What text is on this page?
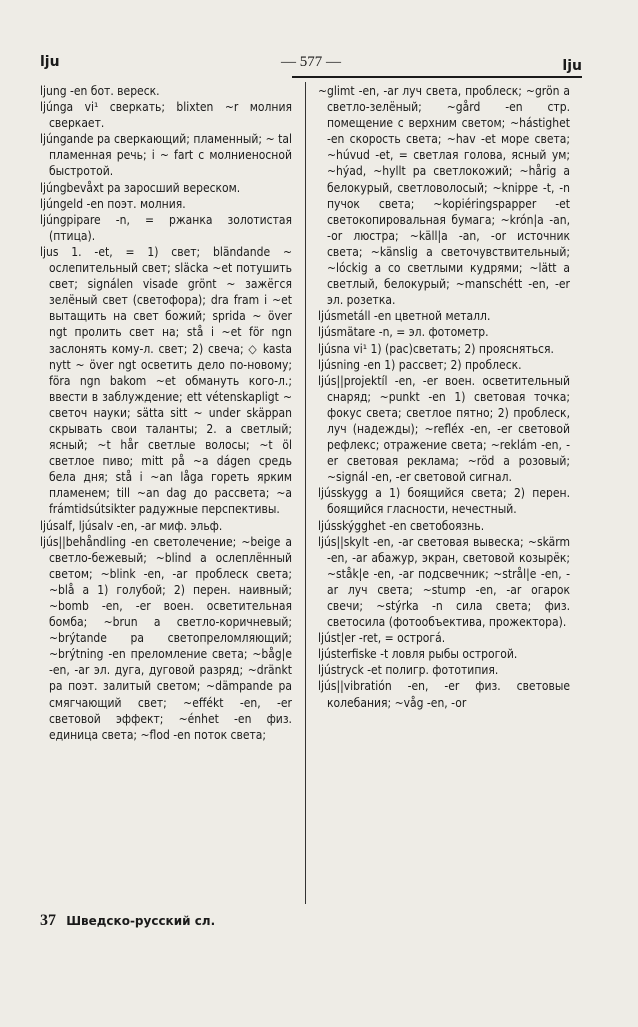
lju	— 577 —	lju

ljung -en бот. вереск.

ljúnga vi¹ сверкать; blixten ~r молния сверкает.

ljúngande pa сверкающий; пламенный; ~ tal пламенная речь; i ~ fart с молниеносной быстротой.

ljúngbevåxt pa заросший вереском.

ljúngeld -en поэт. молния.

ljúngpipare -n, = ржанка золотистая (птица).

ljus 1. -et, = 1) свет; bländande ~ ослепительный свет; släcka ~et потушить свет; signálen visade grönt ~ зажёгся зелёный свет (светофора); dra fram i ~et вытащить на свет божий; sprida ~ över ngt пролить свет на; stå i ~et för ngn заслонять кому-л. свет; 2) свеча; ◇ kasta nytt ~ över ngt осветить дело по-новому; föra ngn bakom ~et обмануть кого-л.; ввести в заблуждение; ett vétenskapligt ~ светоч науки; sätta sitt ~ under skäppan скрывать свои таланты; 2. a светлый; ясный; ~t hår светлые волосы; ~t öl светлое пиво; mitt på ~a dágen средь бела дня; stå i ~an låga гореть ярким пламенем; till ~an dag до рассвета; ~a frámtidsútsikter радужные перспективы.

ljúsalf, ljúsalv -en, -ar миф. эльф.

ljús||behåndling -en светолечение; ~beige a светло-бежевый; ~blind a ослеплённый светом; ~blink -en, -ar проблеск света; ~blå a 1) голубой; 2) перен. наивный; ~bomb -en, -er воен. осветительная бомба; ~brun a светло-коричневый; ~brýtande pa светопреломляющий; ~brýtning -en преломление света; ~båg|e -en, -ar эл. дуга, дуговой разряд; ~dränkt pa поэт. залитый светом; ~dämpande pa смягчающий свет; ~effékt -en, -er световой эффект; ~énhet -en физ. единица света; ~flod -en поток света;

~glimt -en, -ar луч света, проблеск; ~grön a светло-зелёный; ~gård -en стр. помещение с верхним светом; ~hástighet -en скорость света; ~hav -et море света; ~húvud -et, = светлая голова, ясный ум; ~hýad, ~hyllt pa светлокожий; ~hårig a белокурый, светловолосый; ~knippe -t, -n пучок света; ~kopiéringspapper -et светокопировальная бумага; ~krón|a -an, -or люстра; ~käll|a -an, -or источник света; ~känslig a светочувствительный; ~lóckig a со светлыми кудрями; ~lätt a светлый, белокурый; ~manschétt -en, -er эл. розетка.

ljúsmetáll -en цветной металл.

ljúsmätare -n, = эл. фотометр.

ljúsna vi¹ 1) (рас)светать; 2) проясняться.

ljúsning -en 1) рассвет; 2) проблеск.

ljús||projektíl -en, -er воен. осветительный снаряд; ~punkt -en 1) световая точка; фокус света; светлое пятно; 2) проблеск, луч (надежды); ~refléx -en, -er световой рефлекс; отражение света; ~reklám -en, -er световая реклама; ~röd a розовый; ~signál -en, -er световой сигнал.

ljússkygg a 1) боящийся света; 2) перен. боящийся гласности, нечестный.

ljússkýgghet -en светобоязнь.

ljús||skylt -en, -ar световая вывеска; ~skärm -en, -ar абажур, экран, световой козырёк; ~ståk|e -en, -ar подсвечник; ~strål|e -en, -ar луч света; ~stump -en, -ar огарок свечи; ~stýrka -n сила света; физ. светосила (фотообъектива, прожектора).

ljúst|er -ret, = острогá.

ljústerfiske -t ловля рыбы острогой.

ljústryck -et полигр. фототипия.

ljús||vibratión -en, -er физ. световые колебания; ~våg -en, -or

37 Шведско-русский сл.
